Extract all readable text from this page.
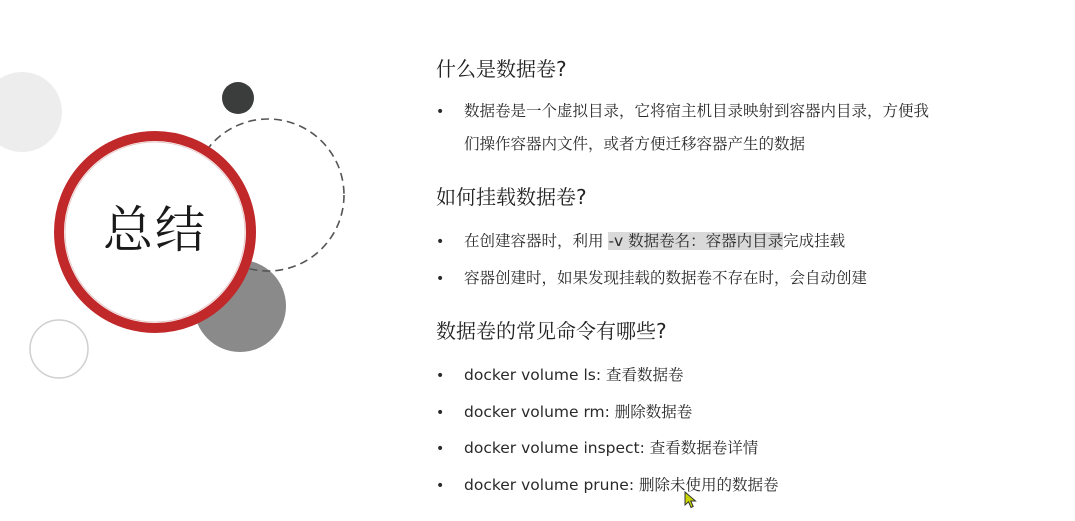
总结
什么是数据卷?
• 数据卷是一个虚拟目录，它将宿主机目录映射到容器内目录，方便我
们操作容器内文件，或者方便迁移容器产生的数据
如何挂载数据卷?
• 在创建容器时，利用 -v 数据卷名：容器内目录完成挂载
• 容器创建时，如果发现挂载的数据卷不存在时，会自动创建
数据卷的常见命令有哪些?
• docker volume ls: 查看数据卷
• docker volume rm: 删除数据卷
• docker volume inspect: 查看数据卷详情
• docker volume prune: 删除未使用的数据卷
